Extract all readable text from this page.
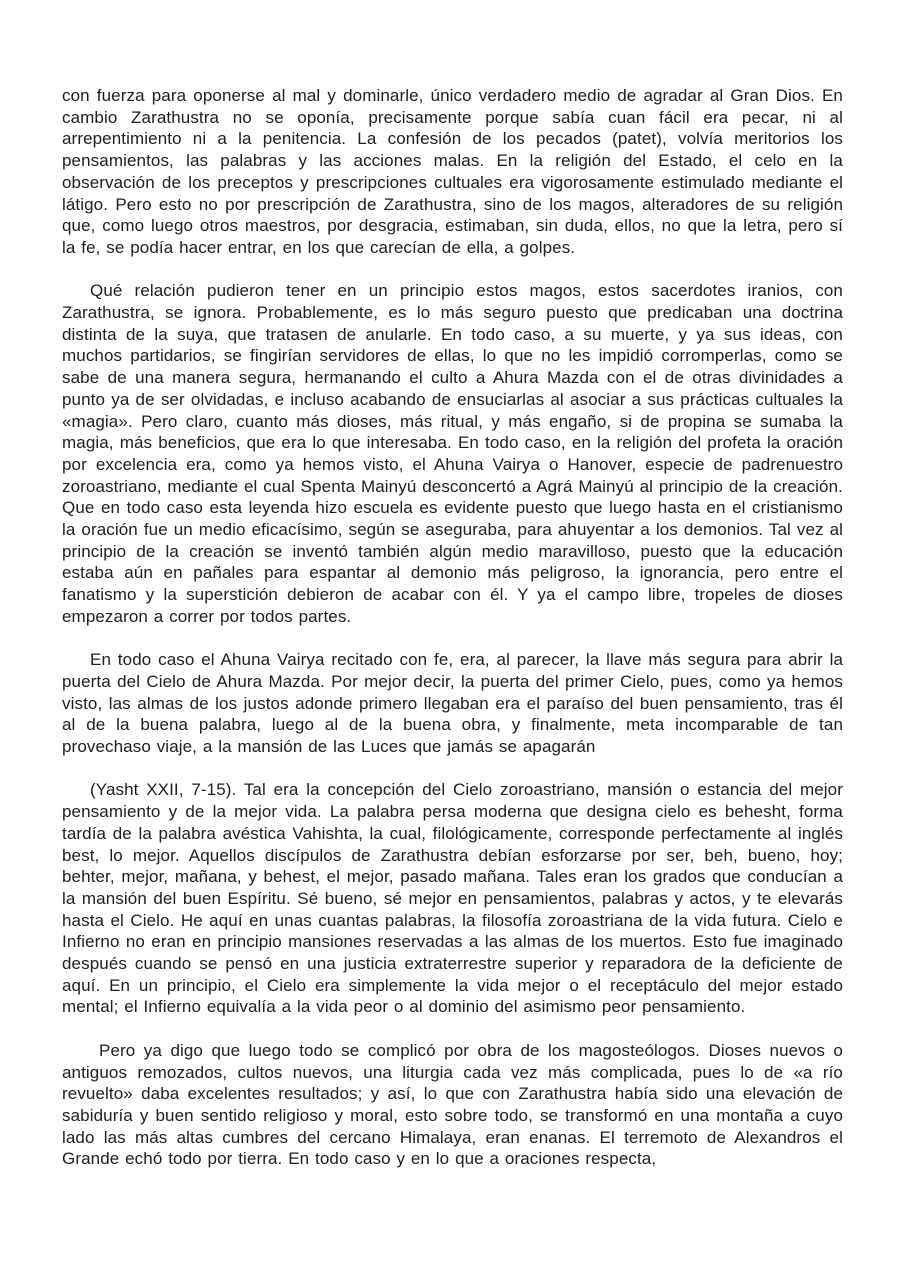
con fuerza para oponerse al mal y dominarle, único verdadero medio de agradar al Gran Dios. En cambio Zarathustra no se oponía, precisamente porque sabía cuan fácil era pecar, ni al arrepentimiento ni a la penitencia. La confesión de los pecados (patet), volvía meritorios los pensamientos, las palabras y las acciones malas. En la religión del Estado, el celo en la observación de los preceptos y prescripciones cultuales era vigorosamente estimulado mediante el látigo. Pero esto no por prescripción de Zarathustra, sino de los magos, alteradores de su religión que, como luego otros maestros, por desgracia, estimaban, sin duda, ellos, no que la letra, pero sí la fe, se podía hacer entrar, en los que carecían de ella, a golpes.

Qué relación pudieron tener en un principio estos magos, estos sacerdotes iranios, con Zarathustra, se ignora. Probablemente, es lo más seguro puesto que predicaban una doctrina distinta de la suya, que tratasen de anularle. En todo caso, a su muerte, y ya sus ideas, con muchos partidarios, se fingirían servidores de ellas, lo que no les impidió corromperlas, como se sabe de una manera segura, hermanando el culto a Ahura Mazda con el de otras divinidades a punto ya de ser olvidadas, e incluso acabando de ensuciarlas al asociar a sus prácticas cultuales la «magia». Pero claro, cuanto más dioses, más ritual, y más engaño, si de propina se sumaba la magia, más beneficios, que era lo que interesaba. En todo caso, en la religión del profeta la oración por excelencia era, como ya hemos visto, el Ahuna Vairya o Hanover, especie de padrenuestro zoroastriano, mediante el cual Spenta Mainyú desconcertó a Agrá Mainyú al principio de la creación. Que en todo caso esta leyenda hizo escuela es evidente puesto que luego hasta en el cristianismo la oración fue un medio eficacísimo, según se aseguraba, para ahuyentar a los demonios. Tal vez al principio de la creación se inventó también algún medio maravilloso, puesto que la educación estaba aún en pañales para espantar al demonio más peligroso, la ignorancia, pero entre el fanatismo y la superstición debieron de acabar con él. Y ya el campo libre, tropeles de dioses empezaron a correr por todos partes.

En todo caso el Ahuna Vairya recitado con fe, era, al parecer, la llave más segura para abrir la puerta del Cielo de Ahura Mazda. Por mejor decir, la puerta del primer Cielo, pues, como ya hemos visto, las almas de los justos adonde primero llegaban era el paraíso del buen pensamiento, tras él al de la buena palabra, luego al de la buena obra, y finalmente, meta incomparable de tan provechaso viaje, a la mansión de las Luces que jamás se apagarán

(Yasht XXII, 7-15). Tal era la concepción del Cielo zoroastriano, mansión o estancia del mejor pensamiento y de la mejor vida. La palabra persa moderna que designa cielo es behesht, forma tardía de la palabra avéstica Vahishta, la cual, filológicamente, corresponde perfectamente al inglés best, lo mejor. Aquellos discípulos de Zarathustra debían esforzarse por ser, beh, bueno, hoy; behter, mejor, mañana, y behest, el mejor, pasado mañana. Tales eran los grados que conducían a la mansión del buen Espíritu. Sé bueno, sé mejor en pensamientos, palabras y actos, y te elevarás hasta el Cielo. He aquí en unas cuantas palabras, la filosofía zoroastriana de la vida futura. Cielo e Infierno no eran en principio mansiones reservadas a las almas de los muertos. Esto fue imaginado después cuando se pensó en una justicia extraterrestre superior y reparadora de la deficiente de aquí. En un principio, el Cielo era simplemente la vida mejor o el receptáculo del mejor estado mental; el Infierno equivalía a la vida peor o al dominio del asimismo peor pensamiento.

Pero ya digo que luego todo se complicó por obra de los magosteólogos. Dioses nuevos o antiguos remozados, cultos nuevos, una liturgia cada vez más complicada, pues lo de «a río revuelto» daba excelentes resultados; y así, lo que con Zarathustra había sido una elevación de sabiduría y buen sentido religioso y moral, esto sobre todo, se transformó en una montaña a cuyo lado las más altas cumbres del cercano Himalaya, eran enanas. El terremoto de Alexandros el Grande echó todo por tierra. En todo caso y en lo que a oraciones respecta,
